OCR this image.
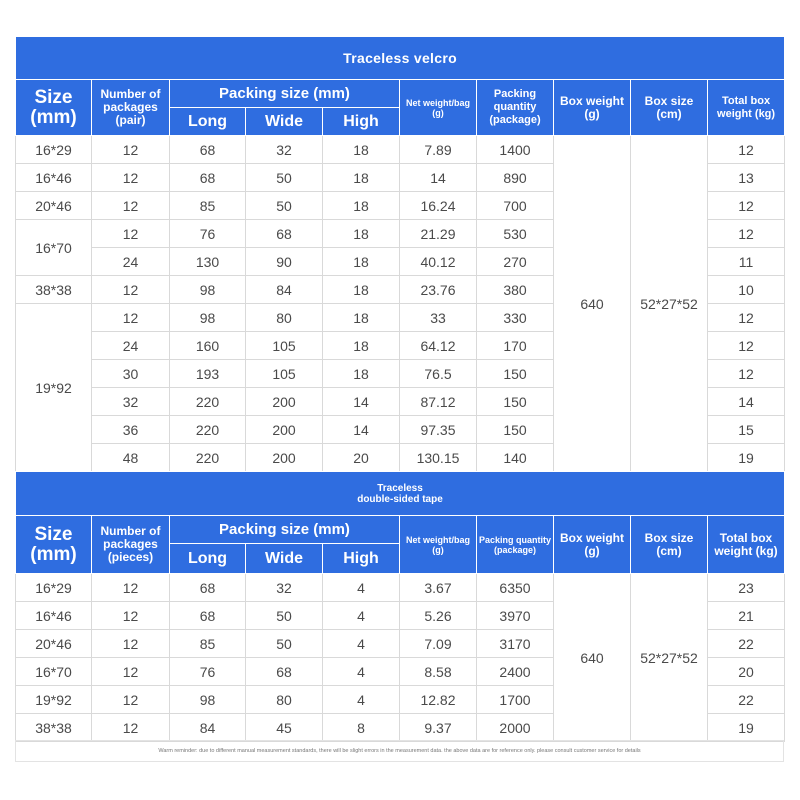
Traceless velcro									
Size
(mm)	Number of packages (pair)	Packing size (mm)			Net weight/bag (g)	Packing quantity (package)	Box weight (g)	Box size (cm)	Total box weight (kg)
		Long	Wide	High					
16*29	12	68	32	18	7.89	1400	640	52*27*52	12
16*46	12	68	50	18	14	890			13
20*46	12	85	50	18	16.24	700			12
16*70	12	76	68	18	21.29	530			12
	24	130	90	18	40.12	270			11
38*38	12	98	84	18	23.76	380			10
19*92	12	98	80	18	33	330			12
	24	160	105	18	64.12	170			12
	30	193	105	18	76.5	150			12
	32	220	200	14	87.12	150			14
	36	220	200	14	97.35	150			15
	48	220	200	20	130.15	140			19
Traceless
double-sided tape									
Size
(mm)	Number of packages (pieces)	Packing size (mm)			Net weight/bag (g)	Packing quantity (package)	Box weight (g)	Box size (cm)	Total box weight (kg)
		Long	Wide	High					
16*29	12	68	32	4	3.67	6350	640	52*27*52	23
16*46	12	68	50	4	5.26	3970			21
20*46	12	85	50	4	7.09	3170			22
16*70	12	76	68	4	8.58	2400			20
19*92	12	98	80	4	12.82	1700			22
38*38	12	84	45	8	9.37	2000			19
Warm reminder: due to different manual measurement standards, there will be slight errors in the measurement data. the above data are for reference only. please consult customer service for details
